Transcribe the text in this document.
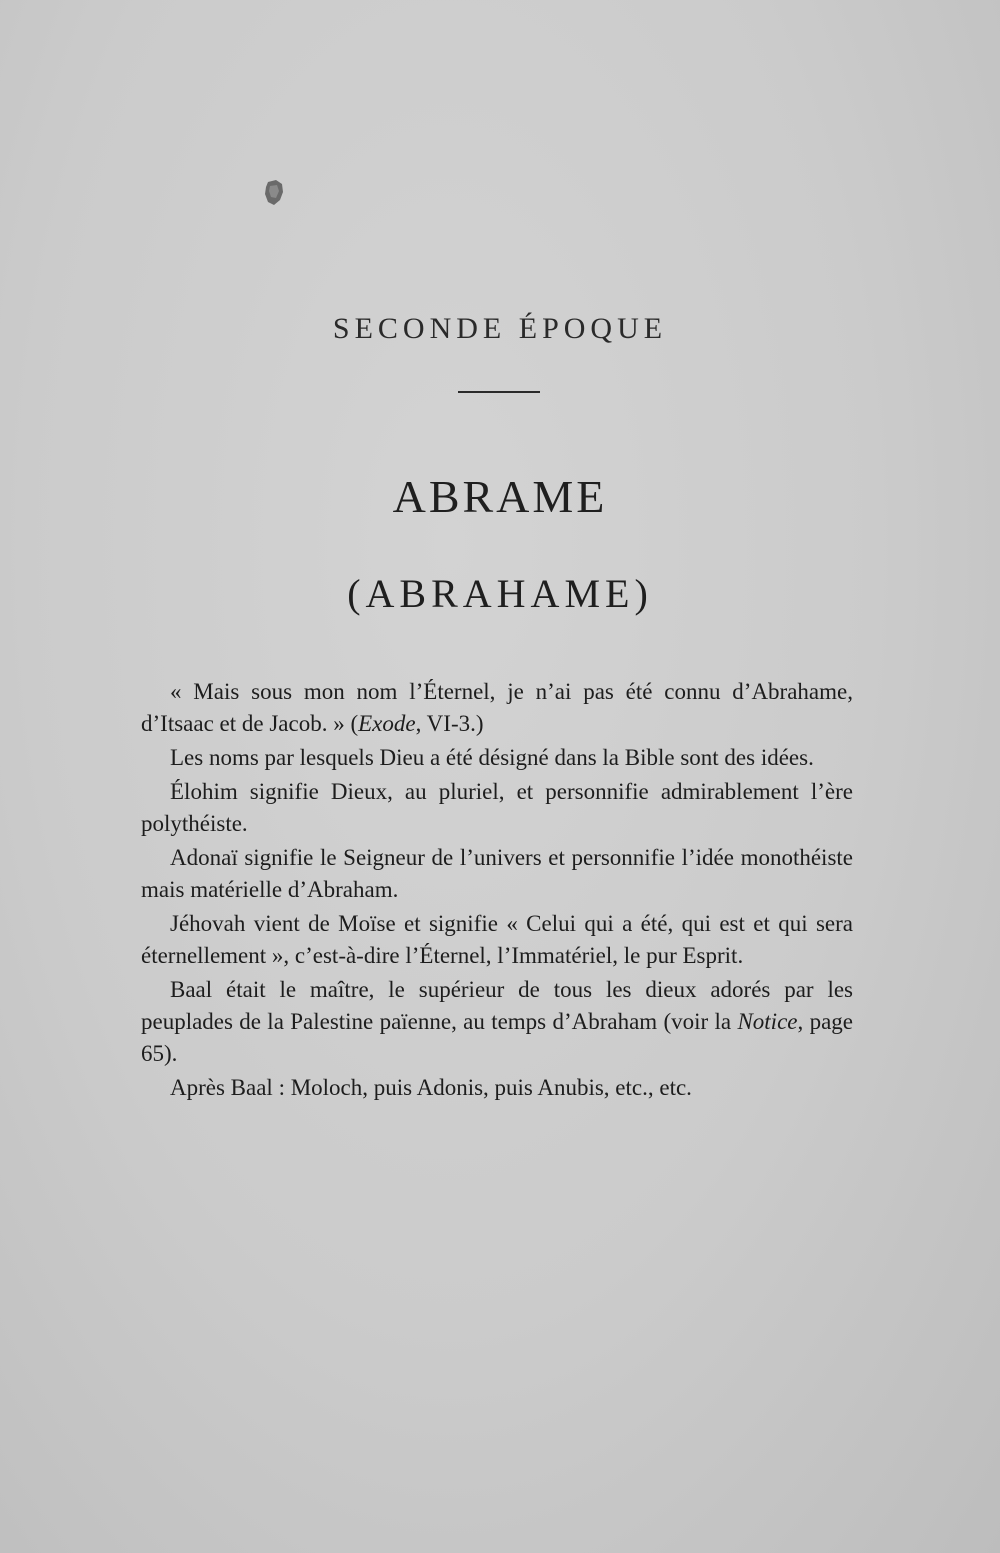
SECONDE ÉPOQUE
ABRAME
(ABRAHAME)

« Mais sous mon nom l’Éternel, je n’ai pas été connu d’Abrahame, d’Itsaac et de Jacob. » (Exode, VI-3.)

Les noms par lesquels Dieu a été désigné dans la Bible sont des idées.

Élohim signifie Dieux, au pluriel, et personnifie admirablement l’ère polythéiste.

Adonaï signifie le Seigneur de l’univers et personnifie l’idée monothéiste mais matérielle d’Abraham.

Jéhovah vient de Moïse et signifie « Celui qui a été, qui est et qui sera éternellement », c’est-à-dire l’Éternel, l’Immatériel, le pur Esprit.

Baal était le maître, le supérieur de tous les dieux adorés par les peuplades de la Palestine païenne, au temps d’Abraham (voir la Notice, page 65).

Après Baal : Moloch, puis Adonis, puis Anubis, etc., etc.
